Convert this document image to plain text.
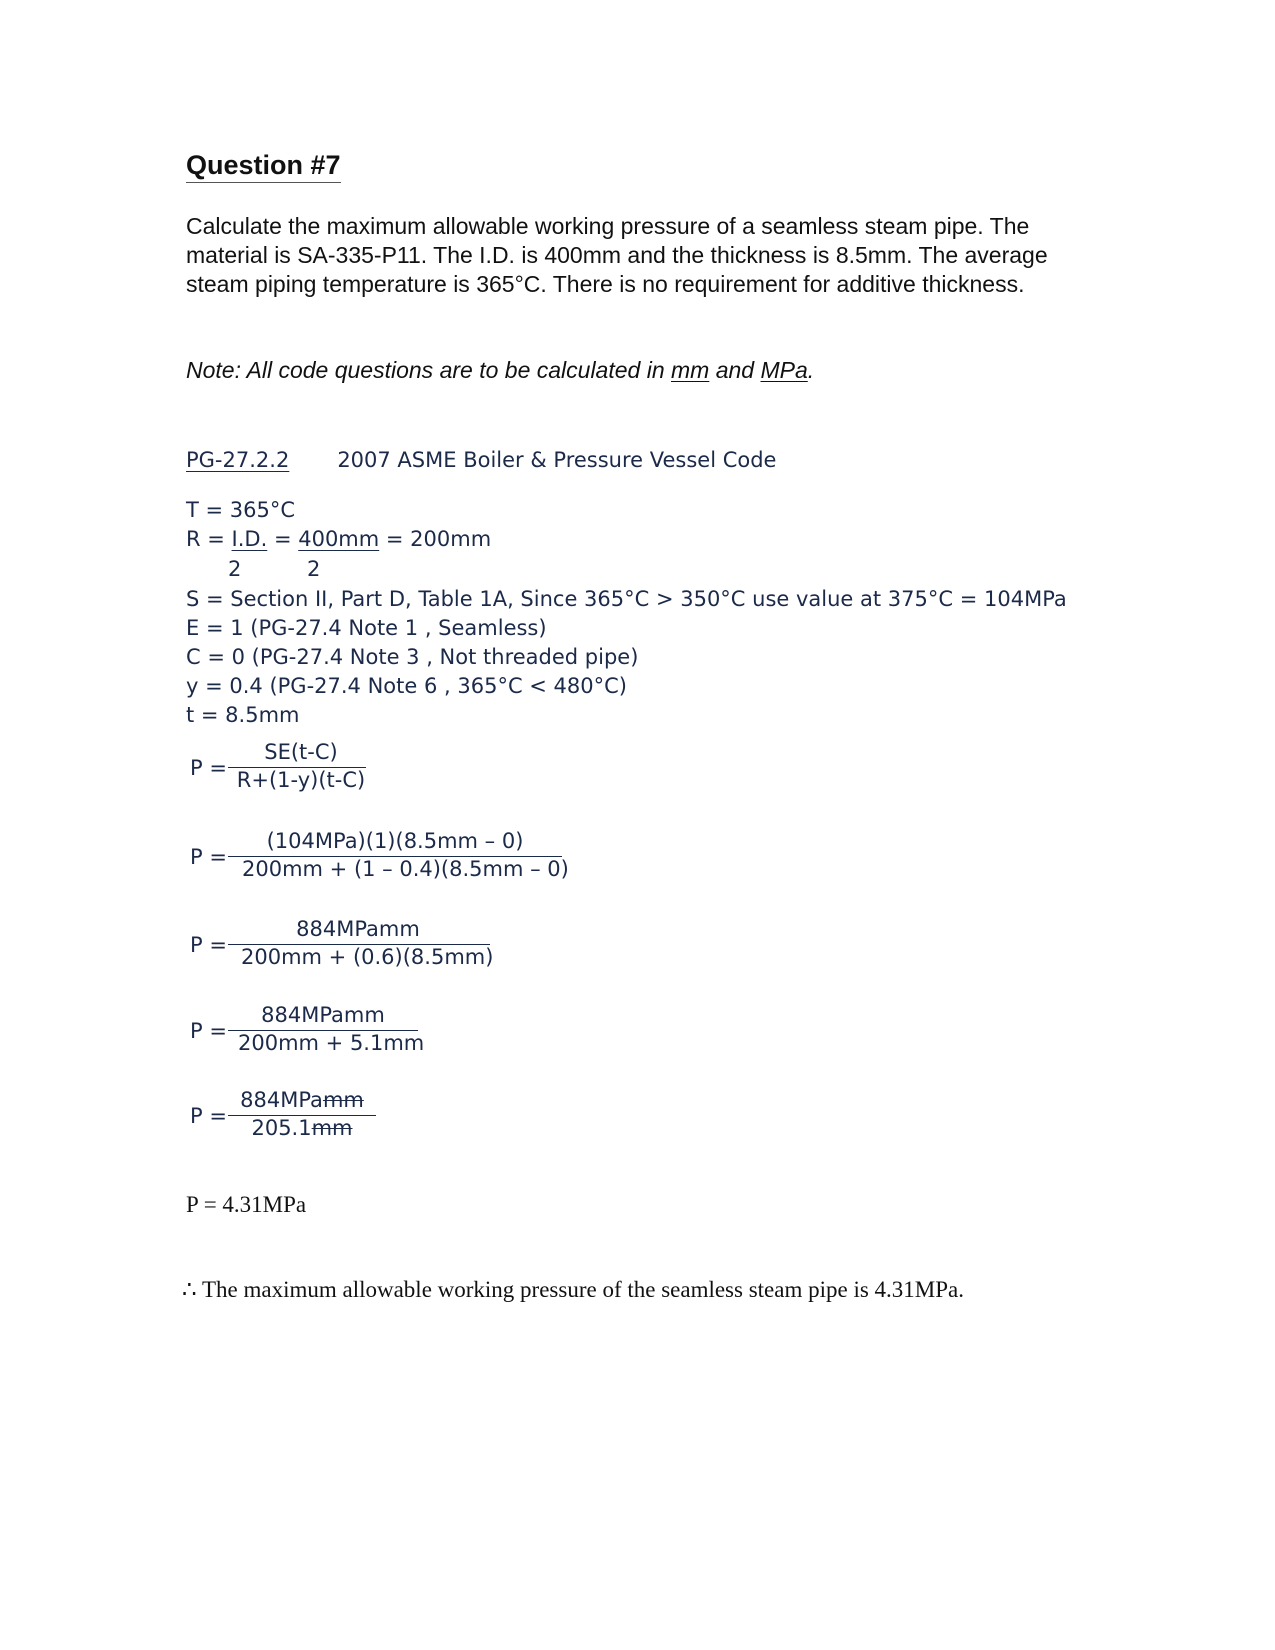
Question #7
Calculate the maximum allowable working pressure of a seamless steam pipe. The material is SA-335-P11. The I.D. is 400mm and the thickness is 8.5mm. The average steam piping temperature is 365°C. There is no requirement for additive thickness.
Note: All code questions are to be calculated in mm and MPa.
PG-27.2.2 2007 ASME Boiler & Pressure Vessel Code
T = 365°C
R = I.D. = 400mm = 200mm
2	2
S = Section II, Part D, Table 1A, Since 365°C > 350°C use value at 375°C = 104MPa
E = 1 (PG-27.4 Note 1 , Seamless)
C = 0 (PG-27.4 Note 3 , Not threaded pipe)
y = 0.4 (PG-27.4 Note 6 , 365°C < 480°C)
t = 8.5mm
P =
SE(t-C)
R+(1-y)(t-C)
P =
(104MPa)(1)(8.5mm – 0)
200mm + (1 – 0.4)(8.5mm – 0)
P =
884MPamm
200mm + (0.6)(8.5mm)
P =
884MPamm
200mm + 5.1mm
P =
884MPamm
205.1mm
P = 4.31MPa
∴ The maximum allowable working pressure of the seamless steam pipe is 4.31MPa.
